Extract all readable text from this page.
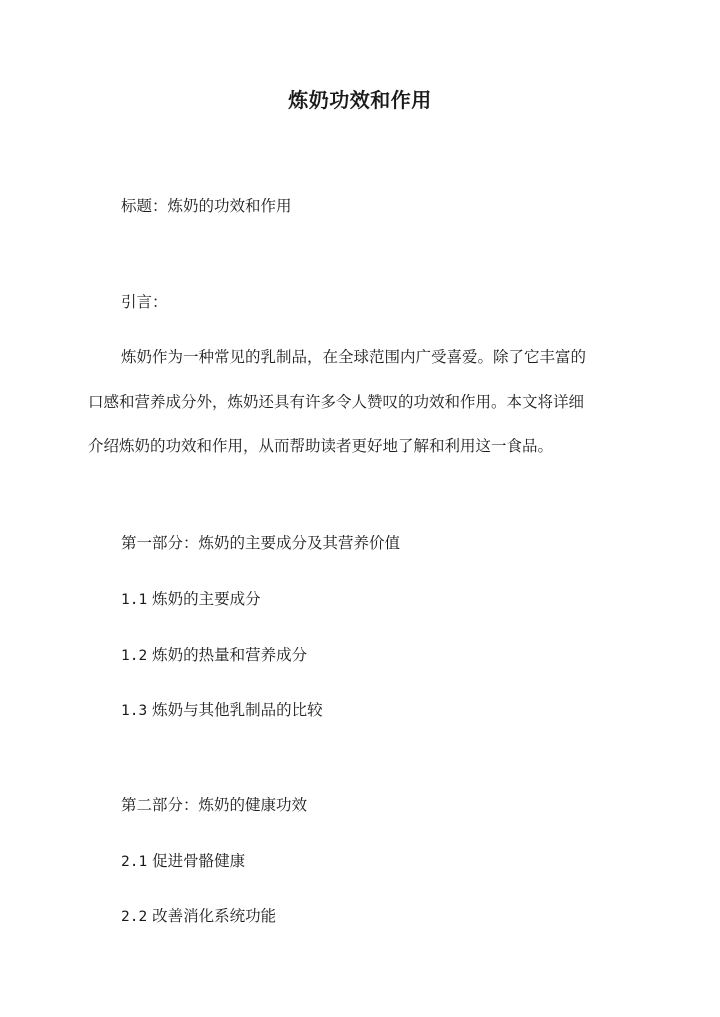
炼奶功效和作用
标题：炼奶的功效和作用
引言：
炼奶作为一种常见的乳制品，在全球范围内广受喜爱。除了它丰富的
口感和营养成分外，炼奶还具有许多令人赞叹的功效和作用。本文将详细
介绍炼奶的功效和作用，从而帮助读者更好地了解和利用这一食品。
第一部分：炼奶的主要成分及其营养价值
1.1 炼奶的主要成分
1.2 炼奶的热量和营养成分
1.3 炼奶与其他乳制品的比较
第二部分：炼奶的健康功效
2.1 促进骨骼健康
2.2 改善消化系统功能
